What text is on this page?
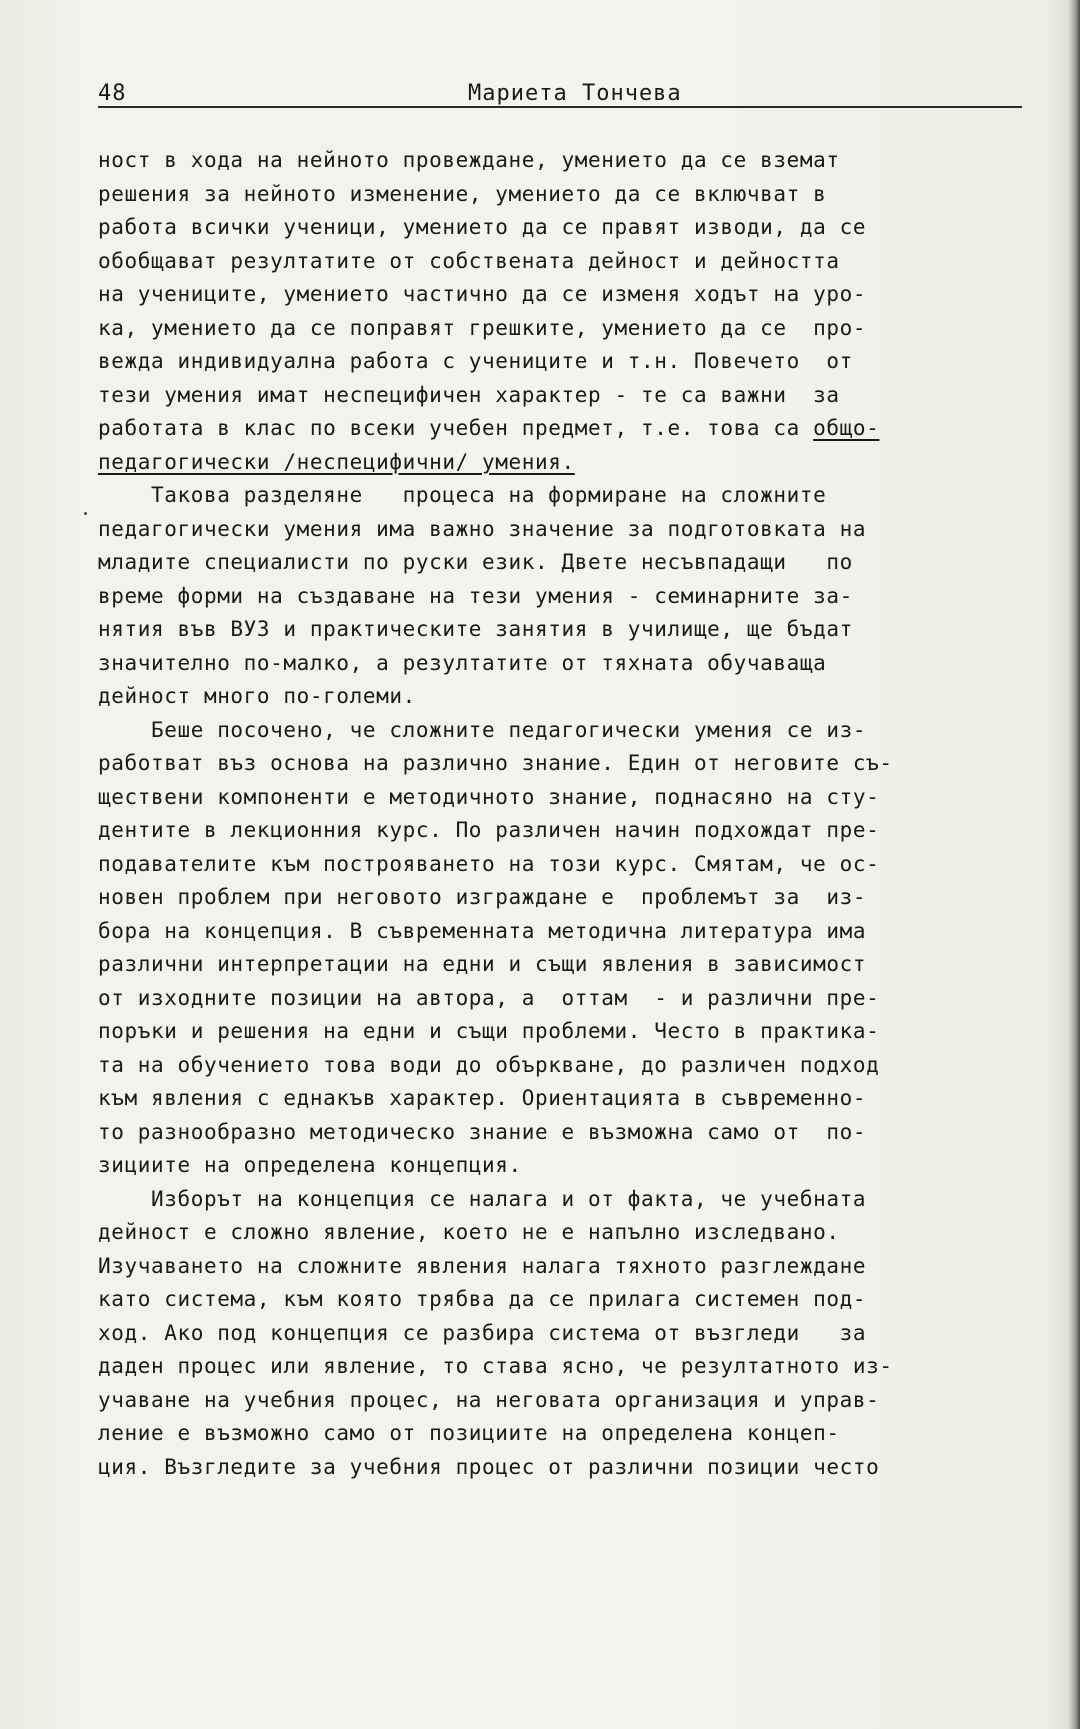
48	Мариета Тончева
ност в хода на нейното провеждане, умението да се вземат
решения за нейното изменение, умението да се включват в
работа всички ученици, умението да се правят изводи, да се
обобщават резултатите от собствената дейност и дейността
на учениците, умението частично да се изменя ходът на уро-
ка, умението да се поправят грешките, умението да се  про-
вежда индивидуална работа с учениците и т.н. Повечето  от
тези умения имат неспецифичен характер - те са важни  за
работата в клас по всеки учебен предмет, т.е. това са общо-
педагогически /неспецифични/ умения.
Такова разделяне   процеса на формиране на сложните
педагогически умения има важно значение за подготовката на
младите специалисти по руски език. Двете несъвпадащи   по
време форми на създаване на тези умения - семинарните за-
нятия във ВУЗ и практическите занятия в училище, ще бъдат
значително по-малко, а резултатите от тяхната обучаваща
дейност много по-големи.
Беше посочено, че сложните педагогически умения се из-
работват въз основа на различно знание. Един от неговите съ-
ществени компоненти е методичното знание, поднасяно на сту-
дентите в лекционния курс. По различен начин подхождат пре-
подавателите към построяването на този курс. Смятам, че ос-
новен проблем при неговото изграждане е  проблемът за  из-
бора на концепция. В съвременната методична литература има
различни интерпретации на едни и същи явления в зависимост
от изходните позиции на автора, а  оттам  - и различни пре-
поръки и решения на едни и същи проблеми. Често в практика-
та на обучението това води до объркване, до различен подход
към явления с еднакъв характер. Ориентацията в съвременно-
то разнообразно методическо знание е възможна само от  по-
зициите на определена концепция.
Изборът на концепция се налага и от факта, че учебната
дейност е сложно явление, което не е напълно изследвано.
Изучаването на сложните явления налага тяхното разглеждане
като система, към която трябва да се прилага системен под-
ход. Ако под концепция се разбира система от възгледи   за
даден процес или явление, то става ясно, че резултатното из-
учаване на учебния процес, на неговата организация и управ-
ление е възможно само от позициите на определена концеп-
ция. Възгледите за учебния процес от различни позиции често
